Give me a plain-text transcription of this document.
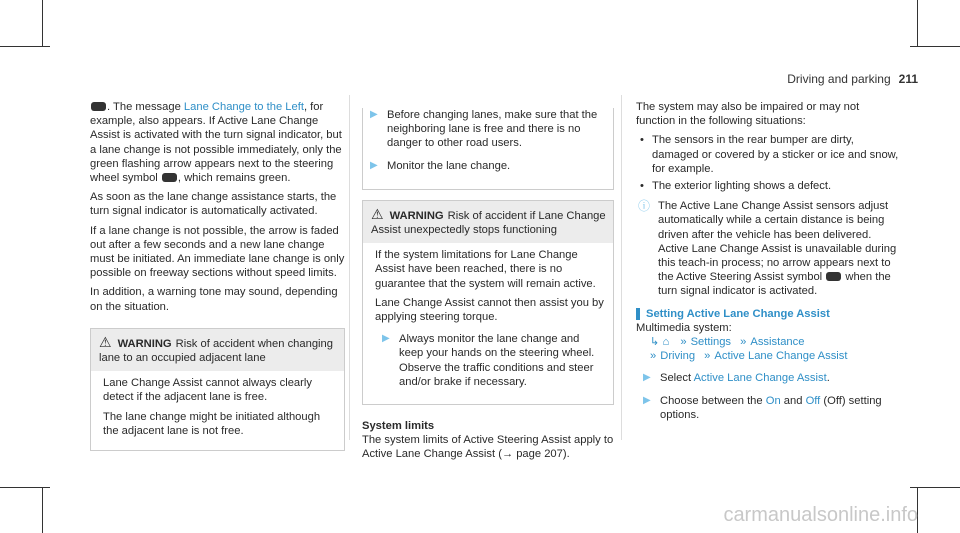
Driving and parking 211

. The message Lane Change to the Left, for example, also appears. If Active Lane Change Assist is activated with the turn signal indicator, but a lane change is not possible immediately, only the green flashing arrow appears next to the steering wheel symbol , which remains green.

As soon as the lane change assistance starts, the turn signal indicator is automatically activated.

If a lane change is not possible, the arrow is faded out after a few seconds and a new lane change must be initiated. An immediate lane change is only possible on freeway sections without speed limits.

In addition, a warning tone may sound, depending on the situation.

⚠ WARNING Risk of accident when changing lane to an occupied adjacent lane

Lane Change Assist cannot always clearly detect if the adjacent lane is free.

The lane change might be initiated although the adjacent lane is not free.

▶ Before changing lanes, make sure that the neighboring lane is free and there is no danger to other road users.
▶ Monitor the lane change.
⚠ WARNING Risk of accident if Lane Change Assist unexpectedly stops functioning

If the system limitations for Lane Change Assist have been reached, there is no guarantee that the system will remain active.

Lane Change Assist cannot then assist you by applying steering torque.

▶ Always monitor the lane change and keep your hands on the steering wheel. Observe the traffic conditions and steer and/or brake if necessary.
System limits
The system limits of Active Steering Assist apply to Active Lane Change Assist (→ page 207).

The system may also be impaired or may not function in the following situations:

• The sensors in the rear bumper are dirty, damaged or covered by a sticker or ice and snow, for example.
• The exterior lighting shows a defect.
ⓘ The Active Lane Change Assist sensors adjust automatically while a certain distance is being driven after the vehicle has been delivered. Active Lane Change Assist is unavailable during this teach-in process; no arrow appears next to the Active Steering Assist symbol  when the turn signal indicator is activated.
Setting Active Lane Change Assist
Multimedia system:
↳ ⌂ » Settings » Assistance
» Driving » Active Lane Change Assist
▶ Select Active Lane Change Assist.
▶ Choose between the On and Off (Off) setting options.
carmanualsonline.info
